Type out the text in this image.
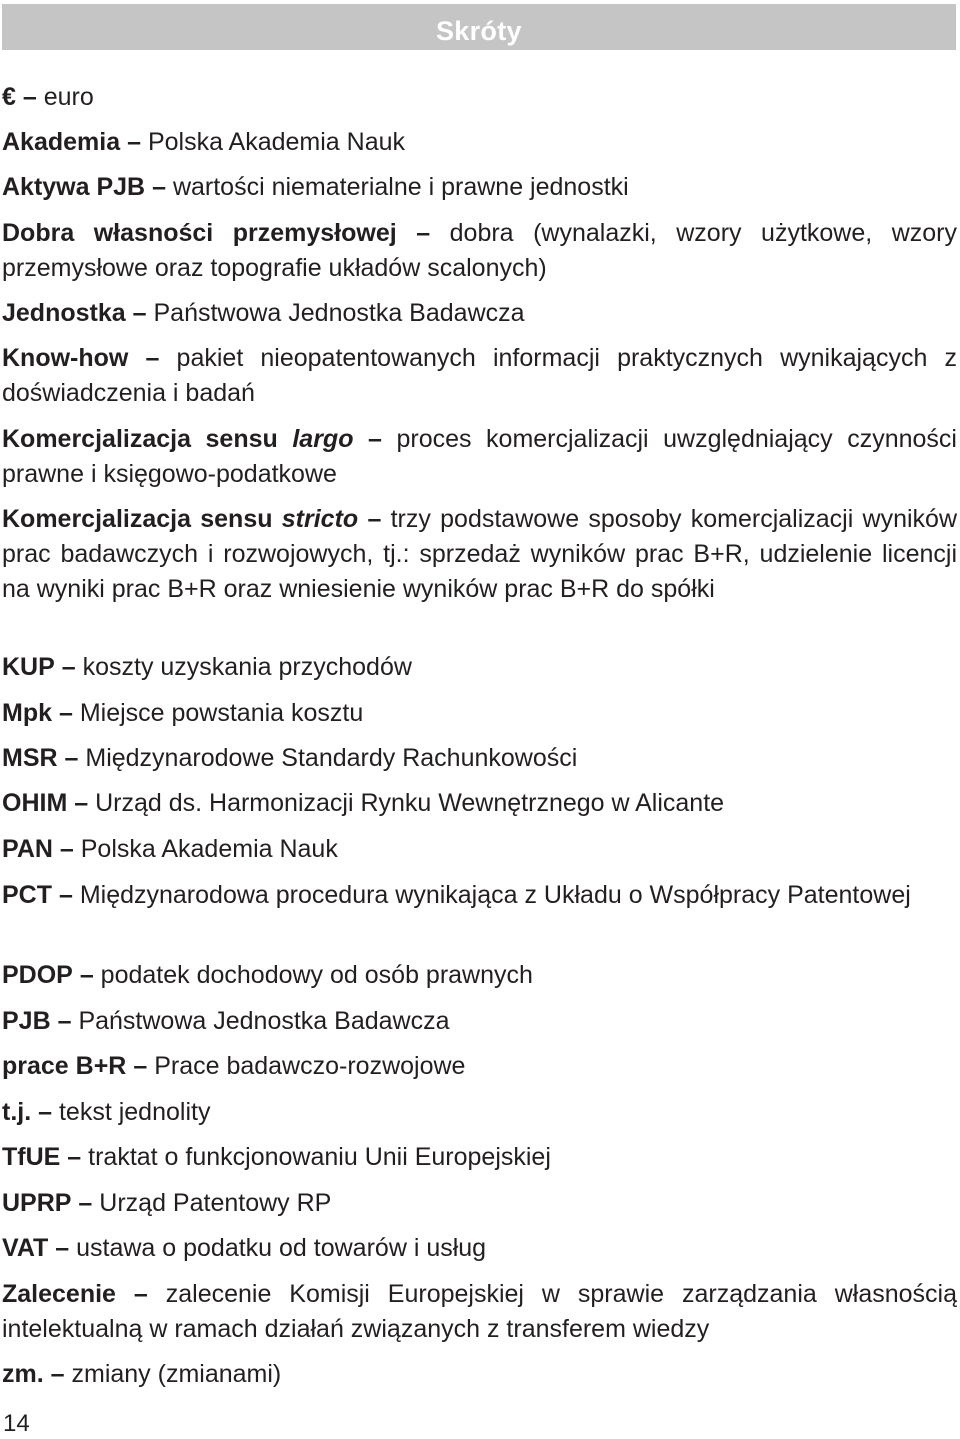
Skróty
€ – euro
Akademia – Polska Akademia Nauk
Aktywa PJB – wartości niematerialne i prawne jednostki
Dobra własności przemysłowej – dobra (wynalazki, wzory użytkowe, wzory przemysłowe oraz topografie układów scalonych)
Jednostka – Państwowa Jednostka Badawcza
Know-how – pakiet nieopatentowanych informacji praktycznych wynikających z doświadczenia i badań
Komercjalizacja sensu largo – proces komercjalizacji uwzględniający czynności prawne i księgowo-podatkowe
Komercjalizacja sensu stricto – trzy podstawowe sposoby komercjalizacji wyników prac badawczych i rozwojowych, tj.: sprzedaż wyników prac B+R, udzielenie licencji na wyniki prac B+R oraz wniesienie wyników prac B+R do spółki
KUP – koszty uzyskania przychodów
Mpk – Miejsce powstania kosztu
MSR – Międzynarodowe Standardy Rachunkowości
OHIM – Urząd ds. Harmonizacji Rynku Wewnętrznego w Alicante
PAN – Polska Akademia Nauk
PCT – Międzynarodowa procedura wynikająca z Układu o Współpracy Patentowej
PDOP – podatek dochodowy od osób prawnych
PJB – Państwowa Jednostka Badawcza
prace B+R – Prace badawczo-rozwojowe
t.j. – tekst jednolity
TfUE – traktat o funkcjonowaniu Unii Europejskiej
UPRP – Urząd Patentowy RP
VAT – ustawa o podatku od towarów i usług
Zalecenie – zalecenie Komisji Europejskiej w sprawie zarządzania własnością intelektualną w ramach działań związanych z transferem wiedzy
zm. – zmiany (zmianami)
14
